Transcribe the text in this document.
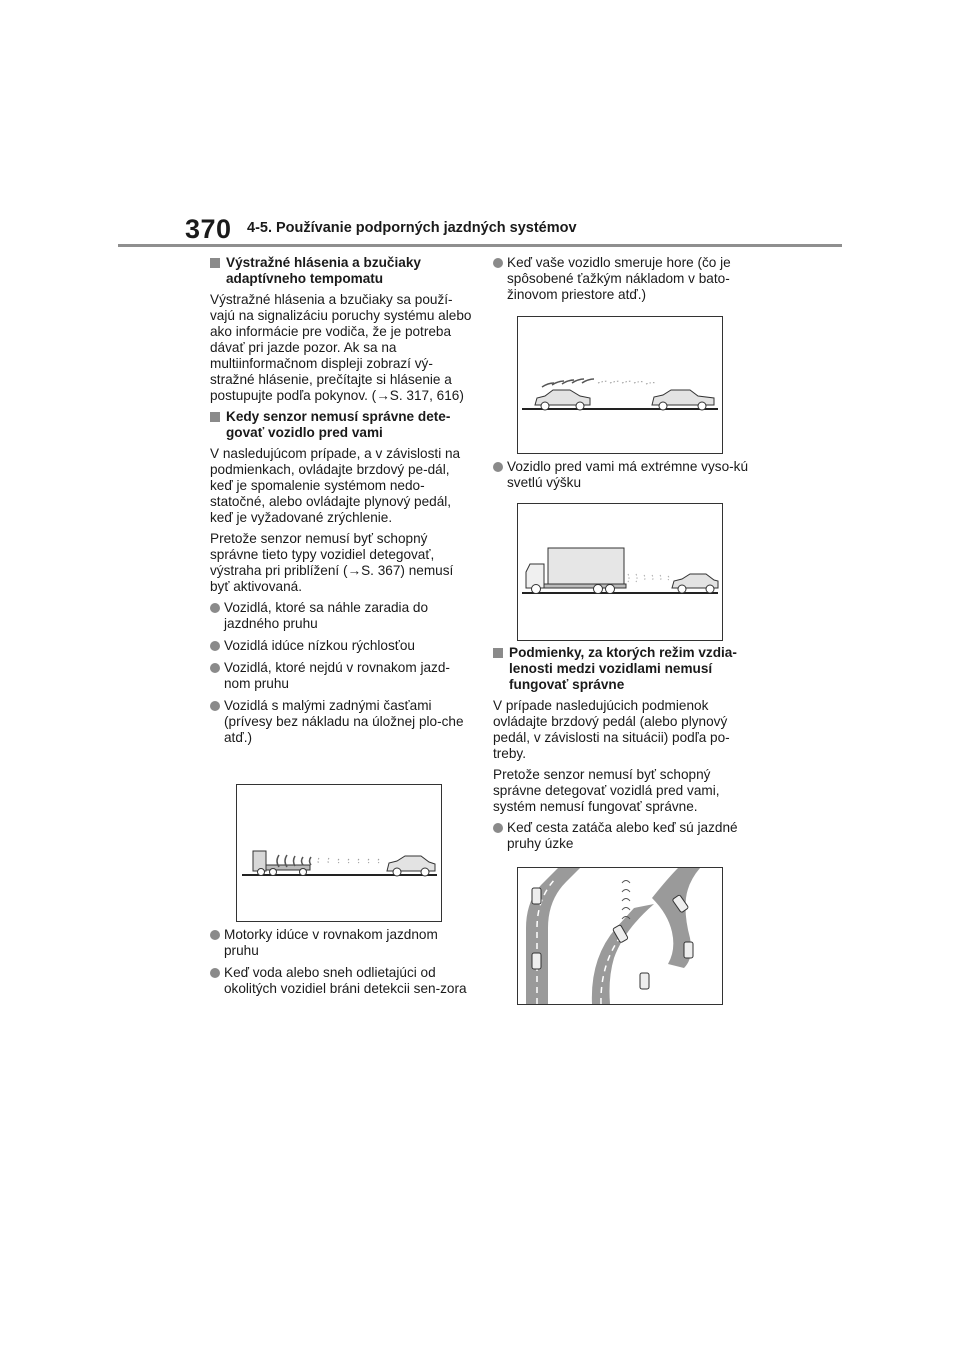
370 4-5. Používanie podporných jazdných systémov
Výstražné hlásenia a bzučiaky adaptívneho tempomatu

Výstražné hlásenia a bzučiaky sa použí-vajú na signalizáciu poruchy systému alebo ako informácie pre vodiča, že je potreba dávať pri jazde pozor. Ak sa na multiinformačnom displeji zobrazí vý-stražné hlásenie, prečítajte si hlásenie a postupujte podľa pokynov. (→S. 317, 616)

Kedy senzor nemusí správne dete-govať vozidlo pred vami

V nasledujúcom prípade, a v závislosti na podmienkach, ovládajte brzdový pe-dál, keď je spomalenie systémom nedo-statočné, alebo ovládajte plynový pedál, keď je vyžadované zrýchlenie.

Pretože senzor nemusí byť schopný správne tieto typy vozidiel detegovať, výstraha pri priblížení (→S. 367) nemusí byť aktivovaná.

Vozidlá, ktoré sa náhle zaradia do jazdného pruhu
Vozidlá idúce nízkou rýchlosťou
Vozidlá, ktoré nejdú v rovnakom jazd-nom pruhu
Vozidlá s malými zadnými časťami (prívesy bez nákladu na úložnej plo-che atď.)
Motorky idúce v rovnakom jazdnom pruhu
Keď voda alebo sneh odlietajúci od okolitých vozidiel bráni detekcii sen-zora
Keď vaše vozidlo smeruje hore (čo je spôsobené ťažkým nákladom v bato-žinovom priestore atď.)
Vozidlo pred vami má extrémne vyso-kú svetlú výšku
Podmienky, za ktorých režim vzdia-lenosti medzi vozidlami nemusí fungovať správne

V prípade nasledujúcich podmienok ovládajte brzdový pedál (alebo plynový pedál, v závislosti na situácii) podľa po-treby.

Pretože senzor nemusí byť schopný správne detegovať vozidlá pred vami, systém nemusí fungovať správne.

Keď cesta zatáča alebo keď sú jazdné pruhy úzke
